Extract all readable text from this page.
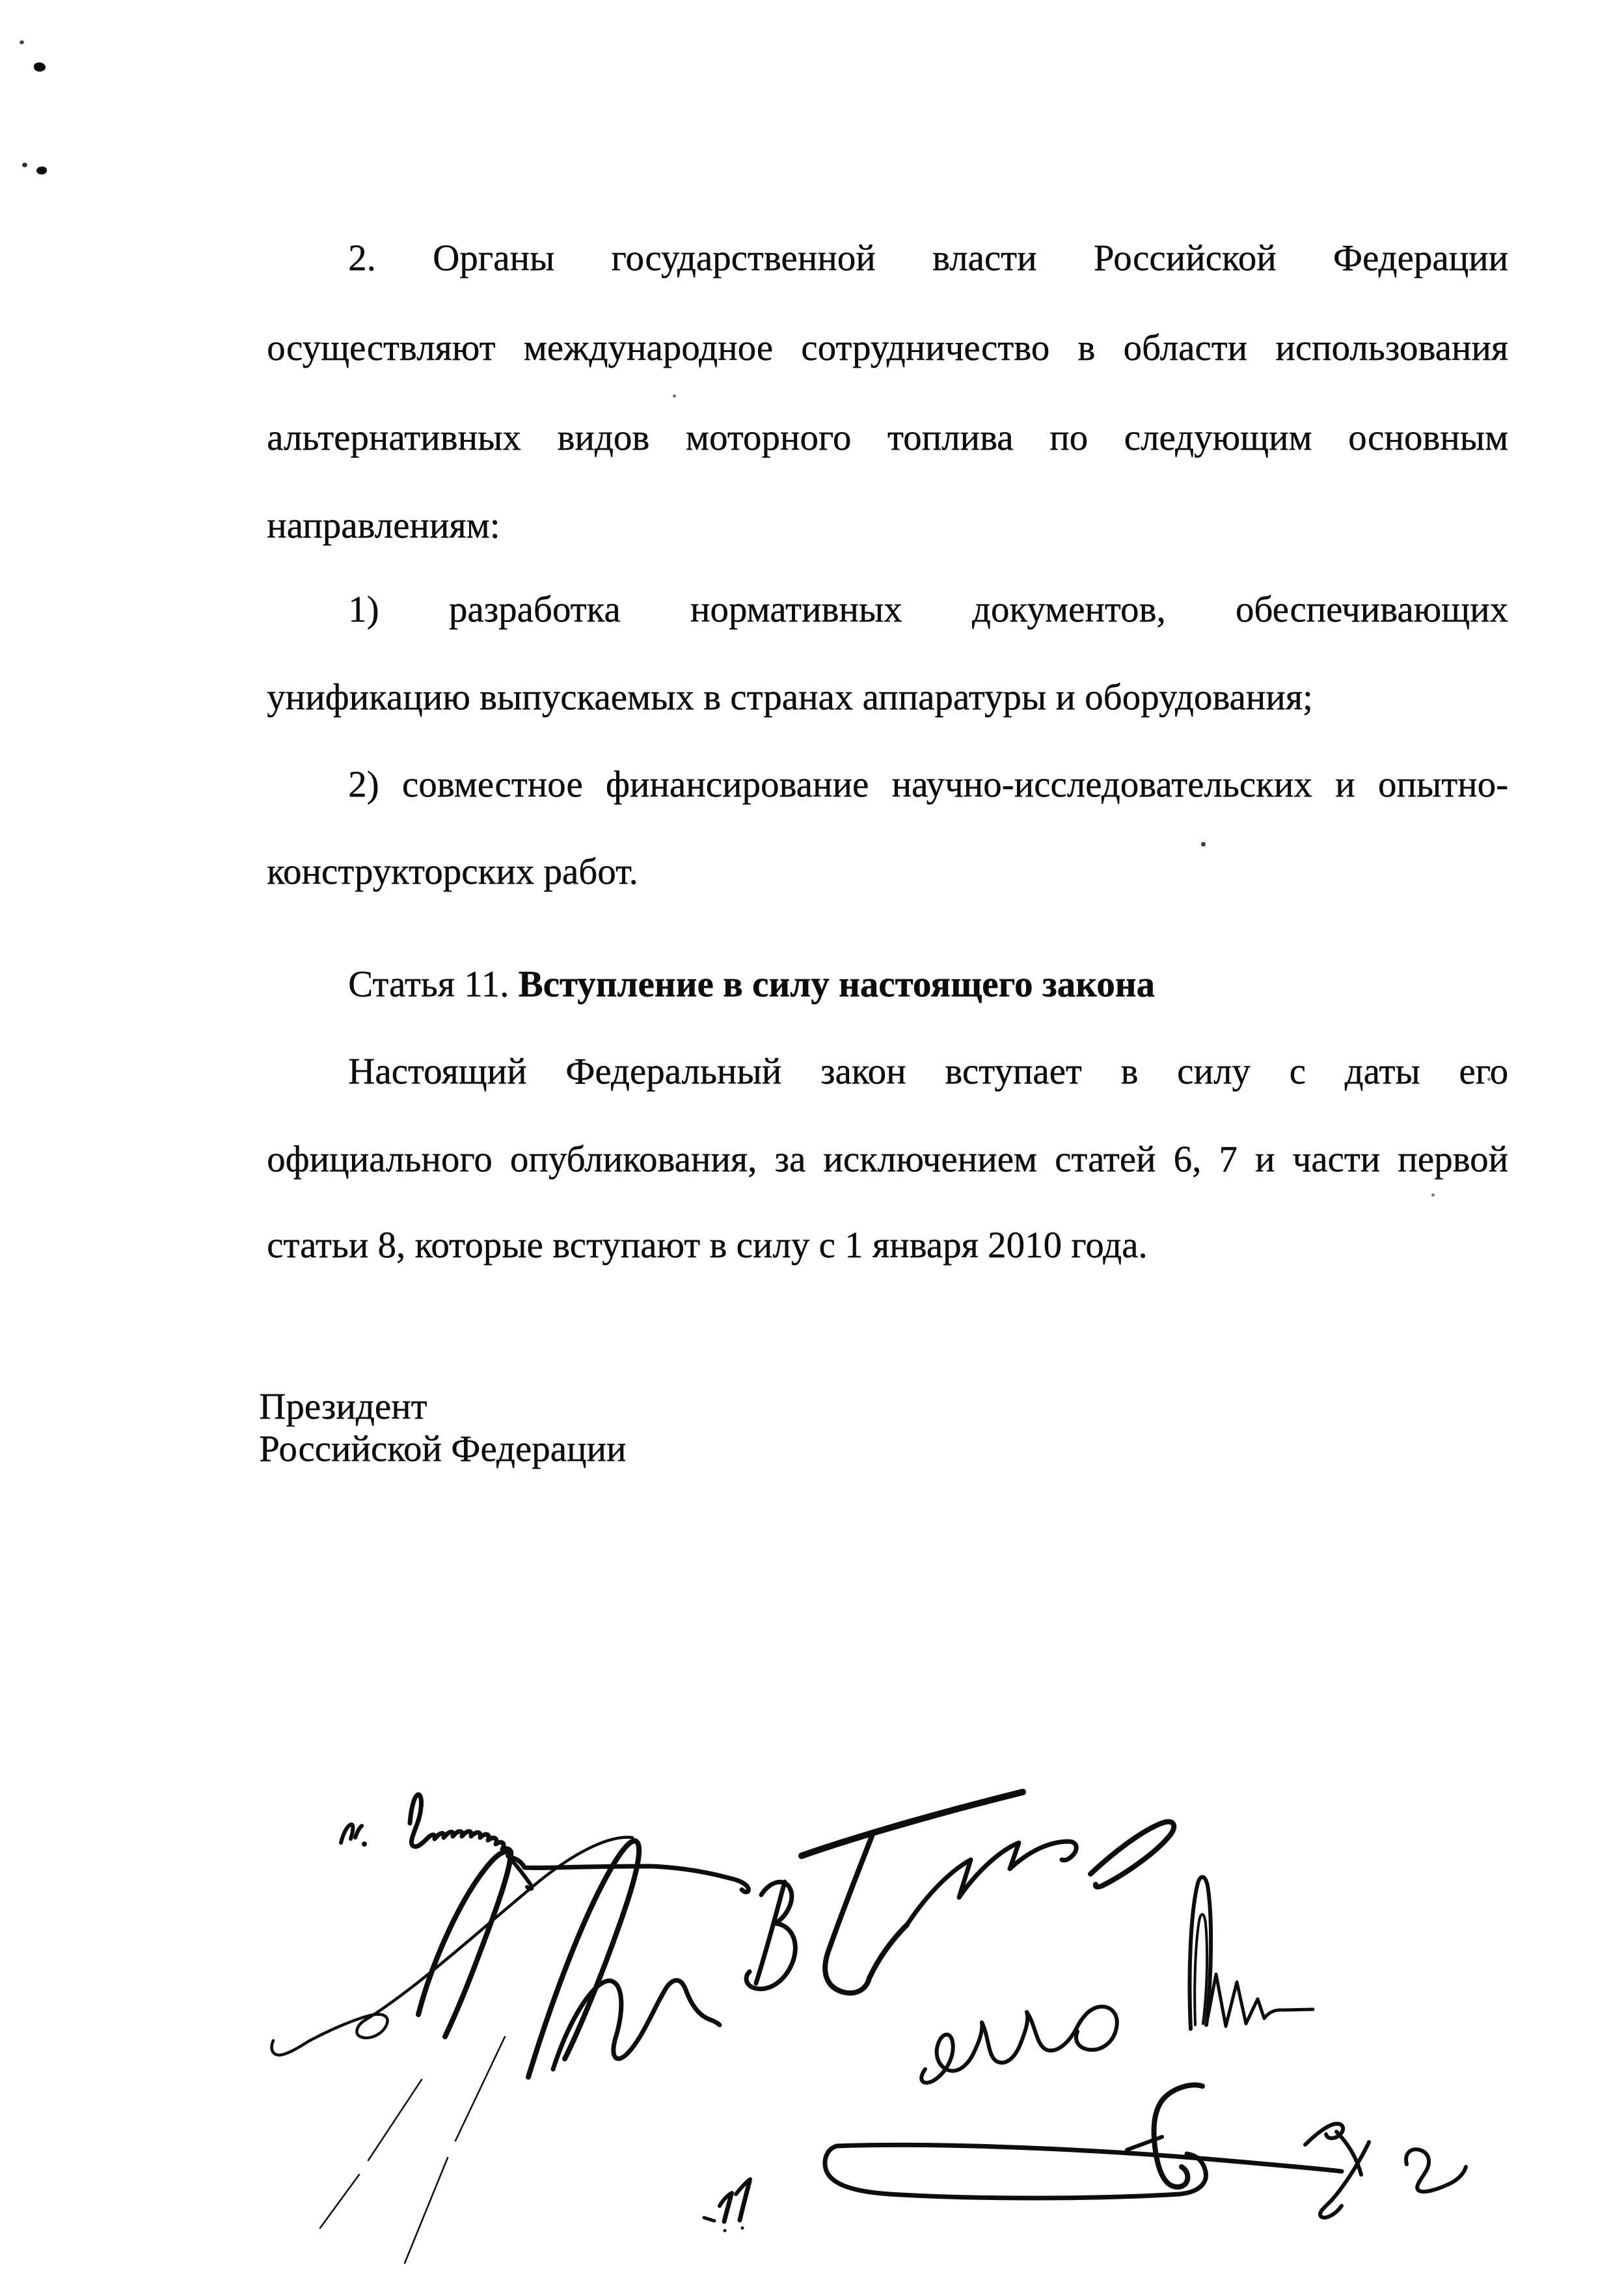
2. Органы государственной власти Российской Федерации
осуществляют международное сотрудничество в области использования
альтернативных видов моторного топлива по следующим основным
направлениям:
1) разработка нормативных документов, обеспечивающих
унификацию выпускаемых в странах аппаратуры и оборудования;
2) совместное финансирование научно-исследовательских и опытно-
конструкторских работ.
Статья 11. Вступление в силу настоящего закона
Настоящий Федеральный закон вступает в силу с даты его
официального опубликования, за исключением статей 6, 7 и части первой
статьи 8, которые вступают в силу с 1 января 2010 года.
Президент
Российской Федерации
